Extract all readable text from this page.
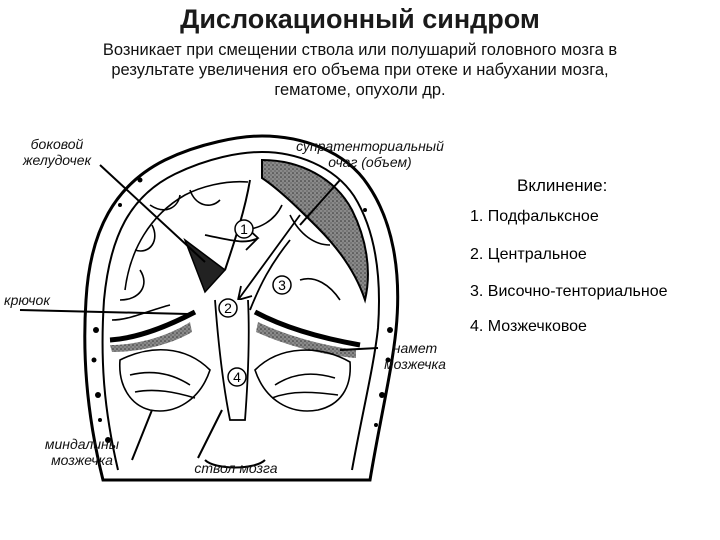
Дислокационный синдром
Возникает при смещении ствола или полушарий головного мозга в
результате увеличения его объема при отеке и набухании мозга,
гематоме, опухоли др.
1
2
3
4
боковой
желудочек
супратенториальный
очаг (объем)
крючок
намет
мозжечка
миндалины
мозжечка	ствол мозга
Вклинение:
1. Подфальксное
2. Центральное
3. Височно-тенториальное
4. Мозжечковое
